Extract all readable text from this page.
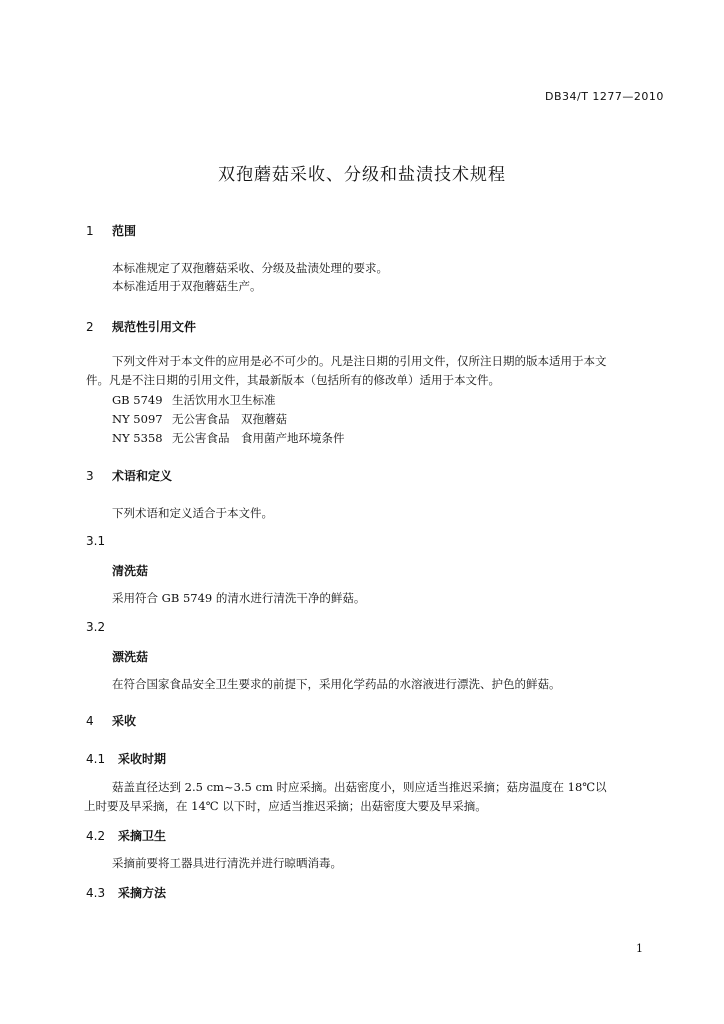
DB34/T 1277—2010
双孢蘑菇采收、分级和盐渍技术规程
1 范围
本标准规定了双孢蘑菇采收、分级及盐渍处理的要求。
本标准适用于双孢蘑菇生产。
2 规范性引用文件
下列文件对于本文件的应用是必不可少的。凡是注日期的引用文件，仅所注日期的版本适用于本文
件。凡是不注日期的引用文件，其最新版本（包括所有的修改单）适用于本文件。
GB 5749 生活饮用水卫生标准
NY 5097 无公害食品　双孢蘑菇
NY 5358 无公害食品　食用菌产地环境条件
3 术语和定义
下列术语和定义适合于本文件。
3.1
清洗菇
采用符合 GB 5749 的清水进行清洗干净的鲜菇。
3.2
漂洗菇
在符合国家食品安全卫生要求的前提下，采用化学药品的水溶液进行漂洗、护色的鲜菇。
4 采收
4.1 采收时期
菇盖直径达到 2.5 cm~3.5 cm 时应采摘。出菇密度小，则应适当推迟采摘；菇房温度在 18℃以
上时要及早采摘，在 14℃ 以下时，应适当推迟采摘；出菇密度大要及早采摘。
4.2 采摘卫生
采摘前要将工器具进行清洗并进行晾晒消毒。
4.3 采摘方法
1
